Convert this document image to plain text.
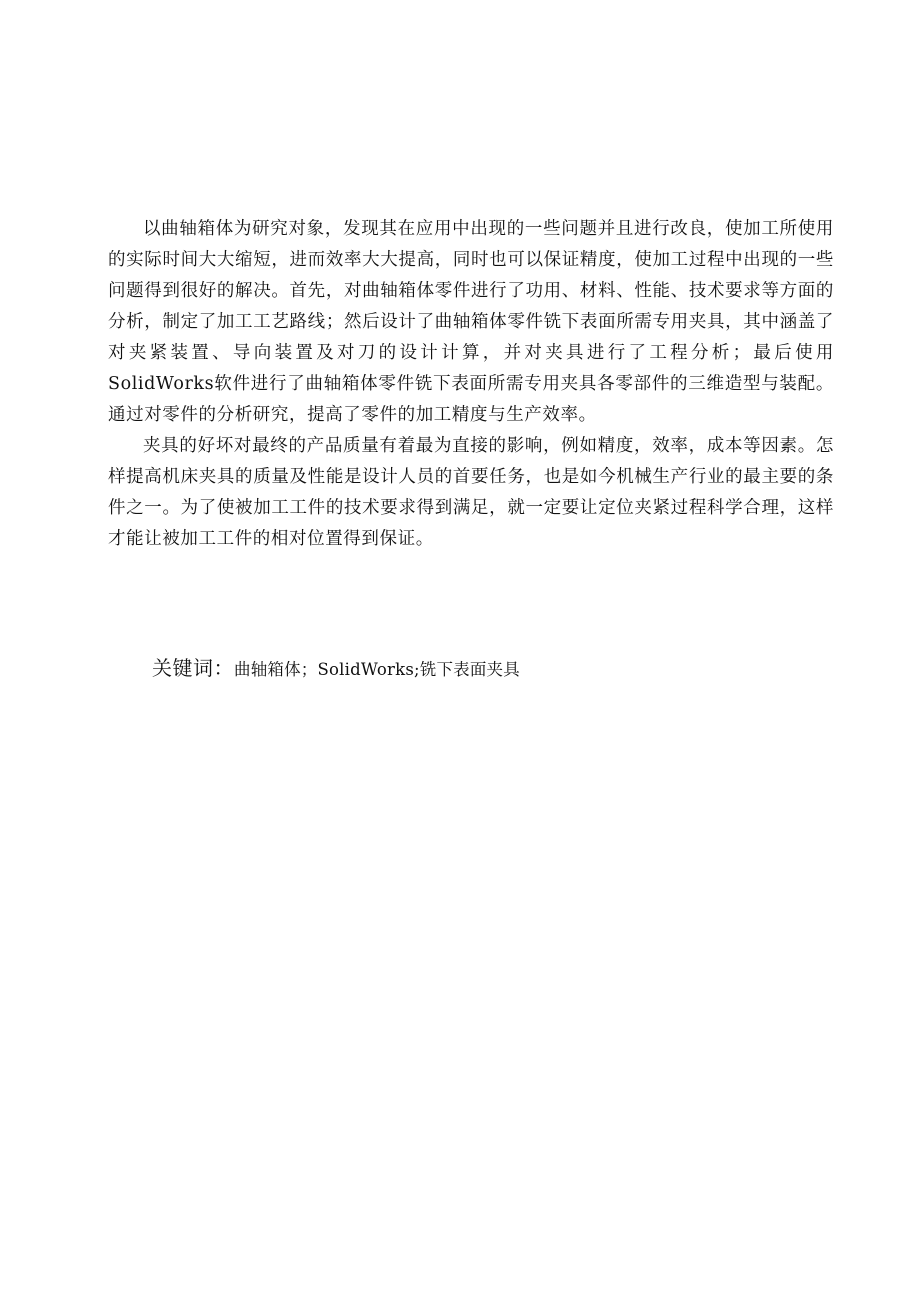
以曲轴箱体为研究对象，发现其在应用中出现的一些问题并且进行改良，使加工所使用的实际时间大大缩短，进而效率大大提高，同时也可以保证精度，使加工过程中出现的一些问题得到很好的解决。首先，对曲轴箱体零件进行了功用、材料、性能、技术要求等方面的分析，制定了加工工艺路线；然后设计了曲轴箱体零件铣下表面所需专用夹具，其中涵盖了对夹紧装置、导向装置及对刀的设计计算，并对夹具进行了工程分析；最后使用SolidWorks软件进行了曲轴箱体零件铣下表面所需专用夹具各零部件的三维造型与装配。通过对零件的分析研究，提高了零件的加工精度与生产效率。

夹具的好坏对最终的产品质量有着最为直接的影响，例如精度，效率，成本等因素。怎样提高机床夹具的质量及性能是设计人员的首要任务，也是如今机械生产行业的最主要的条件之一。为了使被加工工件的技术要求得到满足，就一定要让定位夹紧过程科学合理，这样才能让被加工工件的相对位置得到保证。

关键词：曲轴箱体；SolidWorks;铣下表面夹具
